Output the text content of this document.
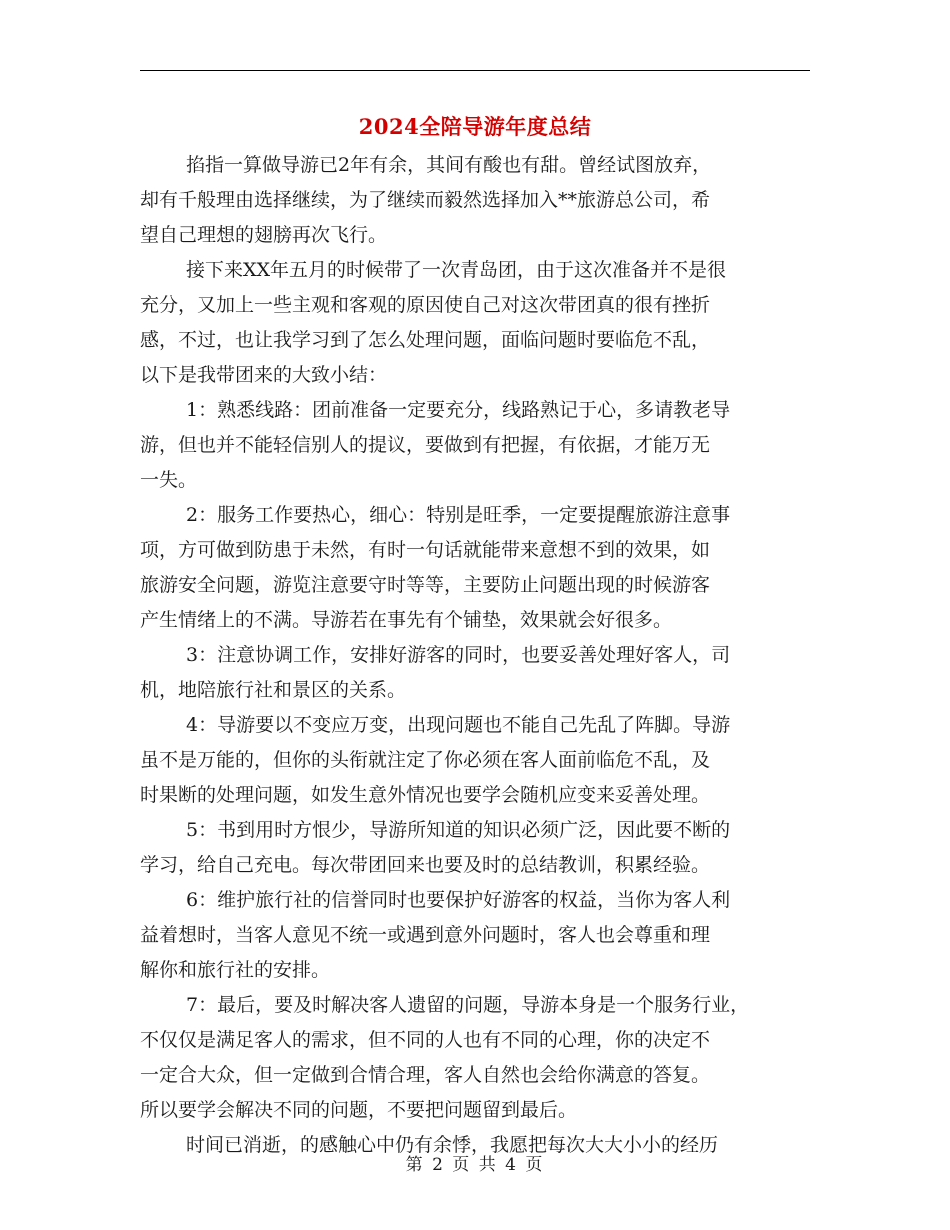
2024全陪导游年度总结
掐指一算做导游已2年有余，其间有酸也有甜。曾经试图放弃，
却有千般理由选择继续，为了继续而毅然选择加入**旅游总公司，希
望自己理想的翅膀再次飞行。
接下来XX年五月的时候带了一次青岛团，由于这次准备并不是很
充分，又加上一些主观和客观的原因使自己对这次带团真的很有挫折
感，不过，也让我学习到了怎么处理问题，面临问题时要临危不乱，
以下是我带团来的大致小结：
1：熟悉线路：团前准备一定要充分，线路熟记于心，多请教老导
游，但也并不能轻信别人的提议，要做到有把握，有依据，才能万无
一失。
2：服务工作要热心，细心：特别是旺季，一定要提醒旅游注意事
项，方可做到防患于未然，有时一句话就能带来意想不到的效果，如
旅游安全问题，游览注意要守时等等，主要防止问题出现的时候游客
产生情绪上的不满。导游若在事先有个铺垫，效果就会好很多。
3：注意协调工作，安排好游客的同时，也要妥善处理好客人，司
机，地陪旅行社和景区的关系。
4：导游要以不变应万变，出现问题也不能自己先乱了阵脚。导游
虽不是万能的，但你的头衔就注定了你必须在客人面前临危不乱，及
时果断的处理问题，如发生意外情况也要学会随机应变来妥善处理。
5：书到用时方恨少，导游所知道的知识必须广泛，因此要不断的
学习，给自己充电。每次带团回来也要及时的总结教训，积累经验。
6：维护旅行社的信誉同时也要保护好游客的权益，当你为客人利
益着想时，当客人意见不统一或遇到意外问题时，客人也会尊重和理
解你和旅行社的安排。
7：最后，要及时解决客人遗留的问题，导游本身是一个服务行业，
不仅仅是满足客人的需求，但不同的人也有不同的心理，你的决定不
一定合大众，但一定做到合情合理，客人自然也会给你满意的答复。
所以要学会解决不同的问题，不要把问题留到最后。
时间已消逝，的感触心中仍有余悸，我愿把每次大大小小的经历
第 2 页 共 4 页
